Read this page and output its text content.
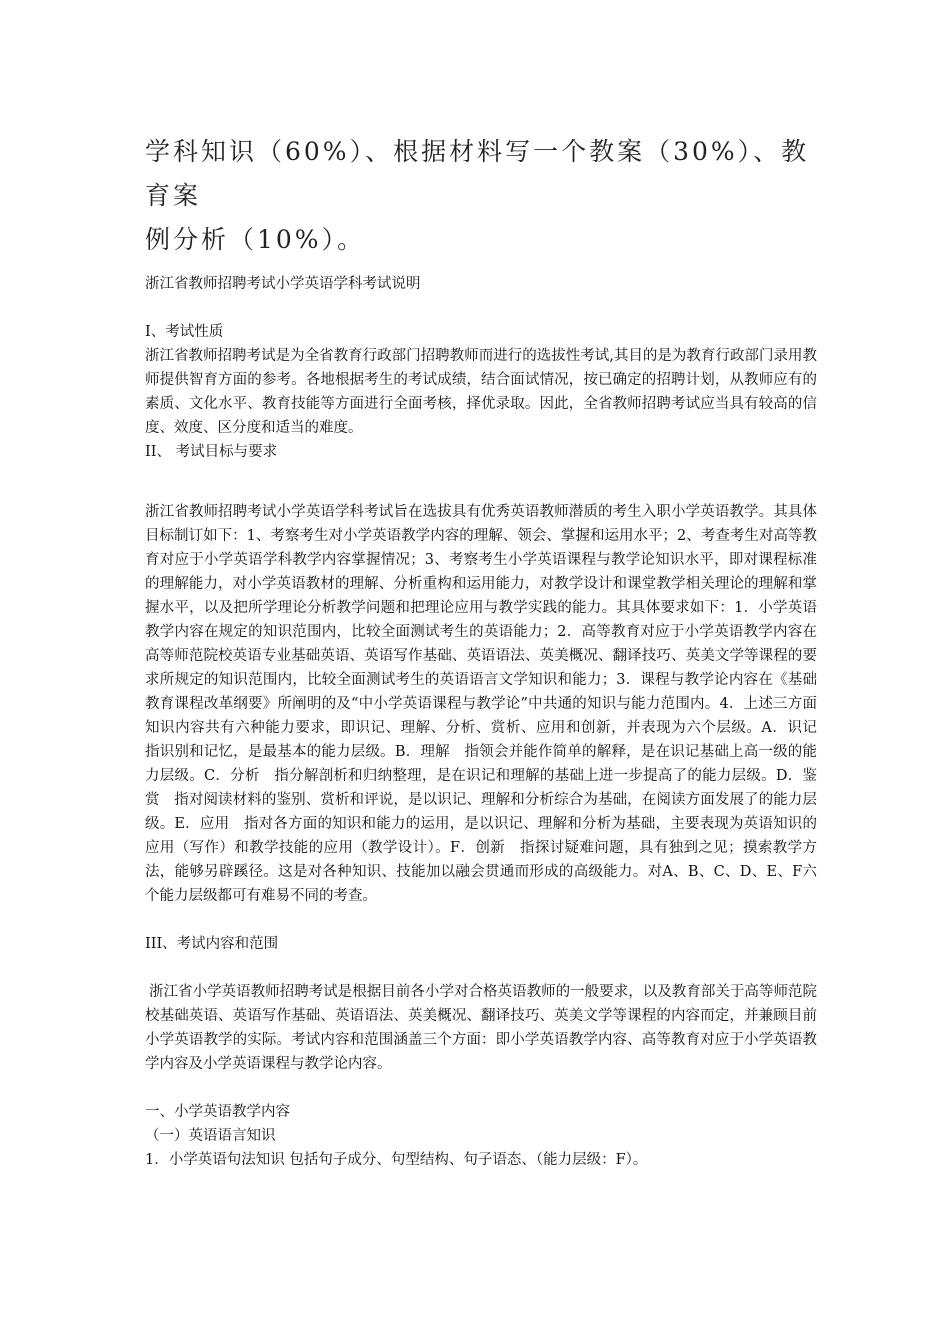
学科知识（60%）、根据材料写一个教案（30%）、教育案

例分析（10%）。

浙江省教师招聘考试小学英语学科考试说明

I、考试性质

浙江省教师招聘考试是为全省教育行政部门招聘教师而进行的选拔性考试,其目的是为教育行政部门录用教师提供智育方面的参考。各地根据考生的考试成绩，结合面试情况，按已确定的招聘计划，从教师应有的素质、文化水平、教育技能等方面进行全面考核，择优录取。因此，全省教师招聘考试应当具有较高的信度、效度、区分度和适当的难度。

II、 考试目标与要求

浙江省教师招聘考试小学英语学科考试旨在选拔具有优秀英语教师潜质的考生入职小学英语教学。其具体目标制订如下：1、考察考生对小学英语教学内容的理解、领会、掌握和运用水平；2、考查考生对高等教育对应于小学英语学科教学内容掌握情况；3、考察考生小学英语课程与教学论知识水平，即对课程标准的理解能力，对小学英语教材的理解、分析重构和运用能力，对教学设计和课堂教学相关理论的理解和掌握水平，以及把所学理论分析教学问题和把理论应用与教学实践的能力。其具体要求如下：1．小学英语教学内容在规定的知识范围内，比较全面测试考生的英语能力；2．高等教育对应于小学英语教学内容在高等师范院校英语专业基础英语、英语写作基础、英语语法、英美概况、翻译技巧、英美文学等课程的要求所规定的知识范围内，比较全面测试考生的英语语言文学知识和能力；3．课程与教学论内容在《基础教育课程改革纲要》所阐明的及“中小学英语课程与教学论”中共通的知识与能力范围内。4．上述三方面知识内容共有六种能力要求，即识记、理解、分析、赏析、应用和创新，并表现为六个层级。A．识记　指识别和记忆，是最基本的能力层级。B．理解　指领会并能作简单的解释，是在识记基础上高一级的能力层级。C．分析　指分解剖析和归纳整理，是在识记和理解的基础上进一步提高了的能力层级。D．鉴赏　指对阅读材料的鉴别、赏析和评说，是以识记、理解和分析综合为基础，在阅读方面发展了的能力层级。E．应用　指对各方面的知识和能力的运用，是以识记、理解和分析为基础，主要表现为英语知识的应用（写作）和教学技能的应用（教学设计）。F．创新　指探讨疑难问题，具有独到之见；摸索教学方法，能够另辟蹊径。这是对各种知识、技能加以融会贯通而形成的高级能力。对A、B、C、D、E、F六个能力层级都可有难易不同的考查。

III、考试内容和范围

浙江省小学英语教师招聘考试是根据目前各小学对合格英语教师的一般要求，以及教育部关于高等师范院校基础英语、英语写作基础、英语语法、英美概况、翻译技巧、英美文学等课程的内容而定，并兼顾目前小学英语教学的实际。考试内容和范围涵盖三个方面：即小学英语教学内容、高等教育对应于小学英语教学内容及小学英语课程与教学论内容。

一、小学英语教学内容

（一）英语语言知识

1．小学英语句法知识 包括句子成分、句型结构、句子语态、（能力层级：F）。
